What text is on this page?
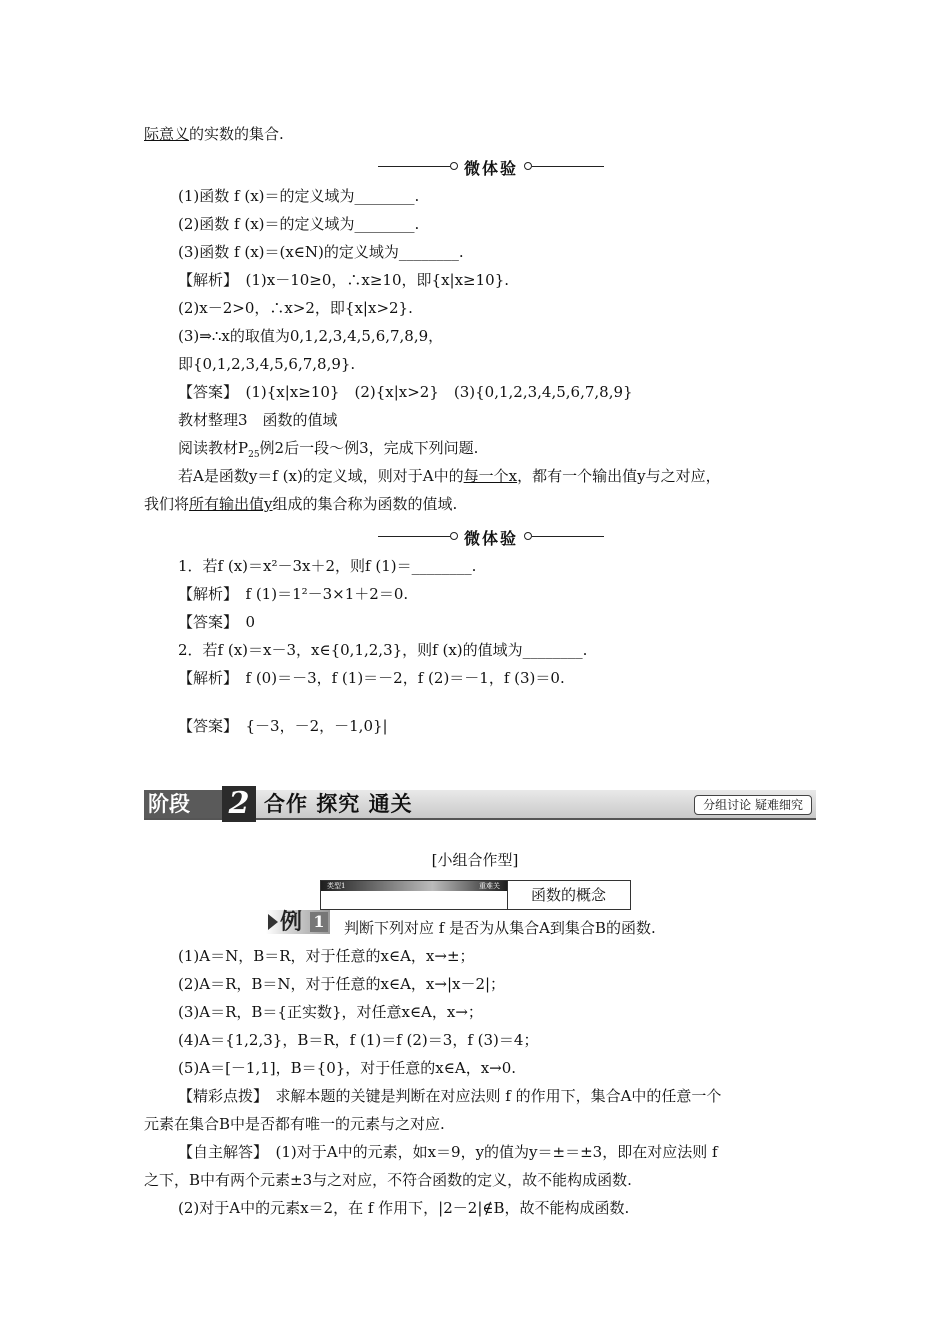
际意义的实数的集合.
微体验
(1)函数 f (x)＝的定义域为________.
(2)函数 f (x)＝的定义域为________.
(3)函数 f (x)＝(x∈N)的定义域为________.
【解析】　(1)x－10≥0，∴x≥10，即{x|x≥10}.
(2)x－2>0，∴x>2，即{x|x>2}.
(3)⇒∴x的取值为0,1,2,3,4,5,6,7,8,9，
即{0,1,2,3,4,5,6,7,8,9}.
【答案】　(1){x|x≥10}　(2){x|x>2}　(3){0,1,2,3,4,5,6,7,8,9}
教材整理3　函数的值域
阅读教材$P_{25}$例2后一段～例3，完成下列问题.
若A是函数y＝f (x)的定义域，则对于A中的每一个x，都有一个输出值y与之对应，
我们将所有输出值y组成的集合称为函数的值域.
微体验
1．若f (x)＝x²－3x＋2，则f (1)＝________.
【解析】　f (1)＝1²－3×1＋2＝0.
【答案】　0
2．若f (x)＝x－3，x∈{0,1,2,3}，则f (x)的值域为________.
【解析】　f (0)＝－3，f (1)＝－2，f (2)＝－1，f (3)＝0.
【答案】　{－3，－2，－1,0}|
阶段	2 合作 探究 通关	分组讨论 疑难细究
[小组合作型]
类型1	重难关	函数的概念
例 1 判断下列对应 f 是否为从集合A到集合B的函数.
(1)A＝N，B＝R，对于任意的x∈A，x→±；
(2)A＝R，B＝N，对于任意的x∈A，x→|x－2|；
(3)A＝R，B＝{正实数}，对任意x∈A，x→；
(4)A＝{1,2,3}，B＝R，f (1)＝f (2)＝3，f (3)＝4；
(5)A＝[－1,1]，B＝{0}，对于任意的x∈A，x→0.
【精彩点拨】　求解本题的关键是判断在对应法则 f 的作用下，集合A中的任意一个
元素在集合B中是否都有唯一的元素与之对应.
【自主解答】　(1)对于A中的元素，如x＝9，y的值为y＝±＝±3，即在对应法则 f
之下，B中有两个元素±3与之对应，不符合函数的定义，故不能构成函数.
(2)对于A中的元素x＝2，在 f 作用下，|2－2|∉B，故不能构成函数.
